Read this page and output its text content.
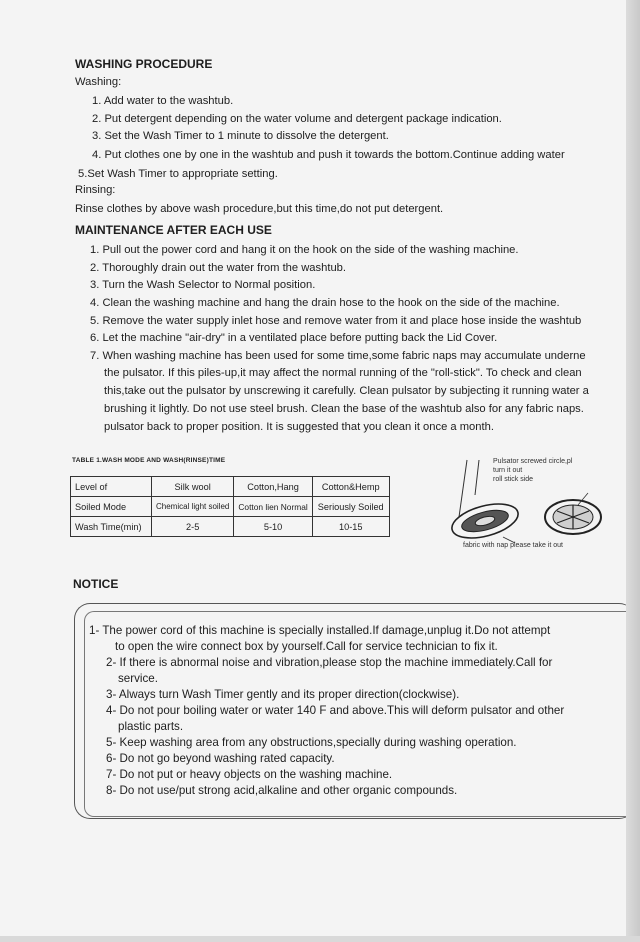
WASHING PROCEDURE
Washing:
1. Add water to the washtub.
2. Put detergent depending on the water volume and detergent package indication.
3. Set the Wash Timer to 1 minute to dissolve the detergent.
4. Put clothes one by one in the washtub and push it towards the bottom.Continue adding water
5.Set Wash Timer to appropriate setting.
Rinsing:
Rinse clothes by above wash procedure,but this time,do not put detergent.
MAINTENANCE AFTER EACH USE
1. Pull out the power cord and hang it on the hook on the side of the washing machine.
2. Thoroughly drain out the water from the washtub.
3. Turn the Wash Selector to Normal position.
4. Clean the washing machine and hang the drain hose to the hook on the side of the machine.
5. Remove the water supply inlet hose and remove water from it and place hose inside the washtub
6. Let the machine "air-dry" in a ventilated place before putting back the Lid Cover.
7. When washing machine has been used for some time,some fabric naps may accumulate underne
the pulsator. If this piles-up,it may affect the normal running of the "roll-stick". To check and clean
this,take out the pulsator by unscrewing it carefully. Clean pulsator by subjecting it running water a
brushing it lightly. Do not use steel brush. Clean the base of the washtub also for any fabric naps.
pulsator back to proper position. It is suggested that you clean it once a month.
TABLE 1.WASH MODE AND WASH(RINSE)TIME
Level of	Silk wool	Cotton,Hang	Cotton&Hemp
Soiled Mode	Chemical light soiled	Cotton lien Normal	Seriously Soiled
Wash Time(min)	2-5	5-10	10-15
Pulsator screwed circle,pl
turn it out
roll stick side
fabric with nap please take it out
NOTICE
1- The power cord of this machine is specially installed.If damage,unplug it.Do not attempt
to open the wire connect box by yourself.Call for service technician to fix it.
2- If there is abnormal noise and vibration,please stop the machine immediately.Call for
service.
3- Always turn Wash Timer gently and its proper direction(clockwise).
4- Do not pour boiling water or water 140 F and above.This will deform pulsator and other
plastic parts.
5- Keep washing area from any obstructions,specially during washing operation.
6- Do not go beyond washing rated capacity.
7- Do not put or heavy objects on the washing machine.
8- Do not use/put strong acid,alkaline and other organic compounds.
